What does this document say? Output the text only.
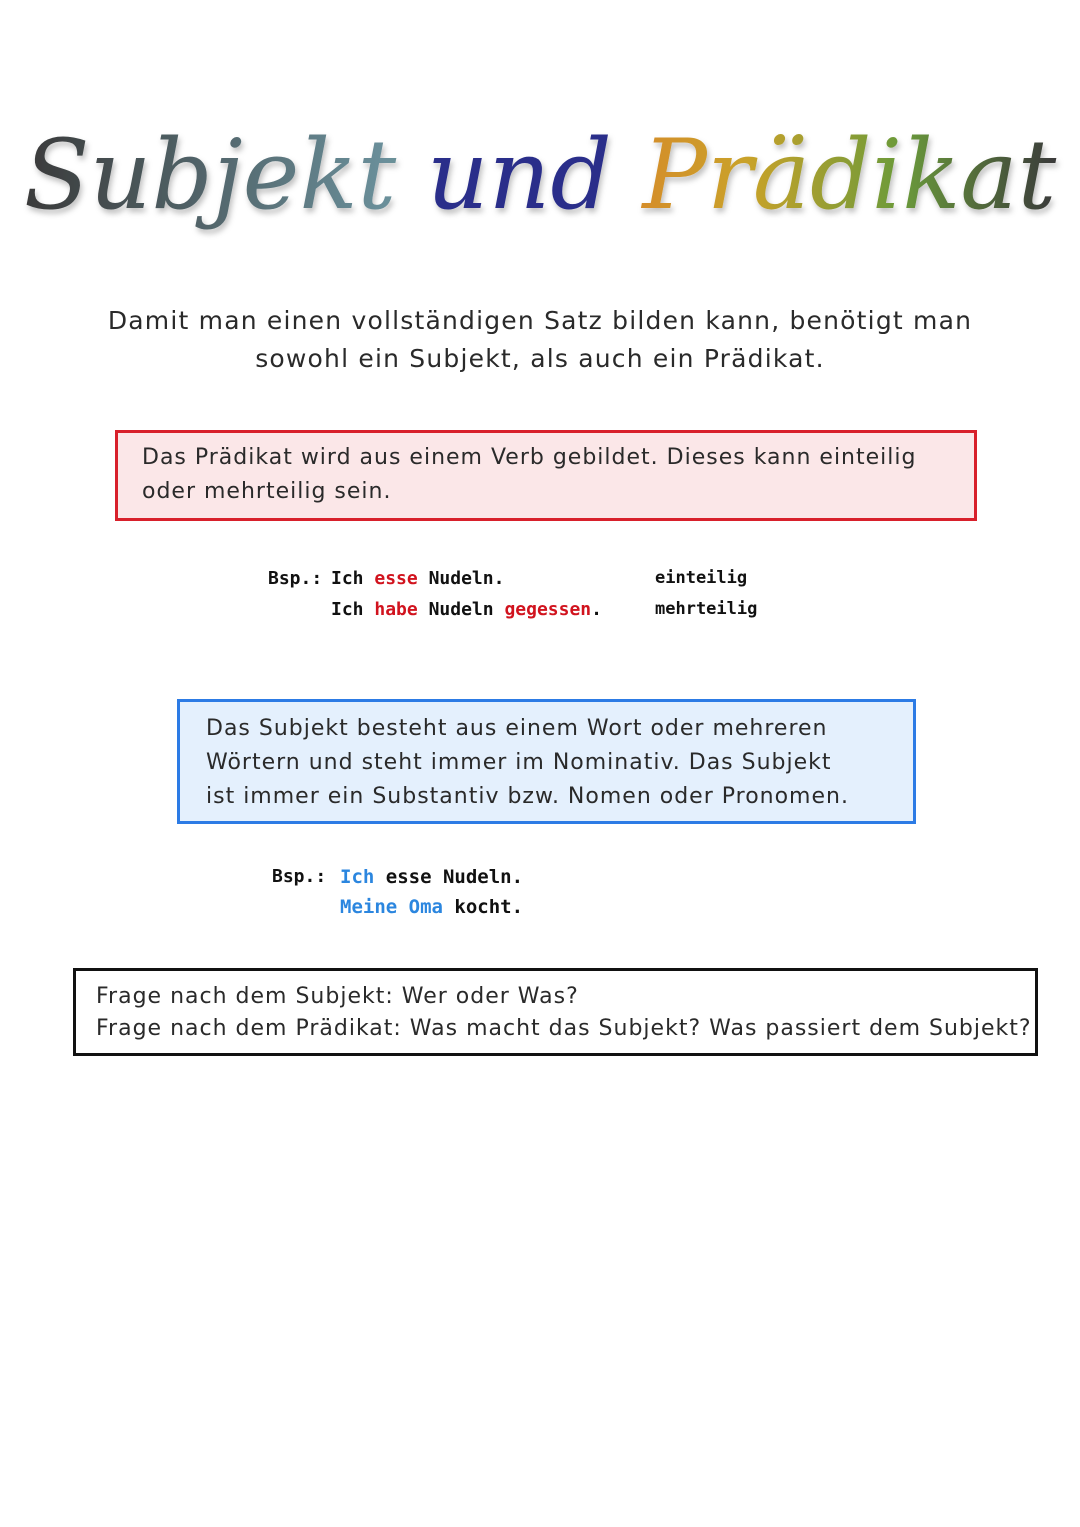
Subjekt und Prädikat
Damit man einen vollständigen Satz bilden kann, benötigt man
sowohl ein Subjekt, als auch ein Prädikat.
Das Prädikat wird aus einem Verb gebildet. Dieses kann einteilig
oder mehrteilig sein.
Bsp.: Ich esse Nudeln.
Ich habe Nudeln gegessen.
einteilig
mehrteilig
Das Subjekt besteht aus einem Wort oder mehreren
Wörtern und steht immer im Nominativ. Das Subjekt
ist immer ein Substantiv bzw. Nomen oder Pronomen.
Bsp.: Ich esse Nudeln.
Meine Oma kocht.
Frage nach dem Subjekt: Wer oder Was?
Frage nach dem Prädikat: Was macht das Subjekt? Was passiert dem Subjekt?
